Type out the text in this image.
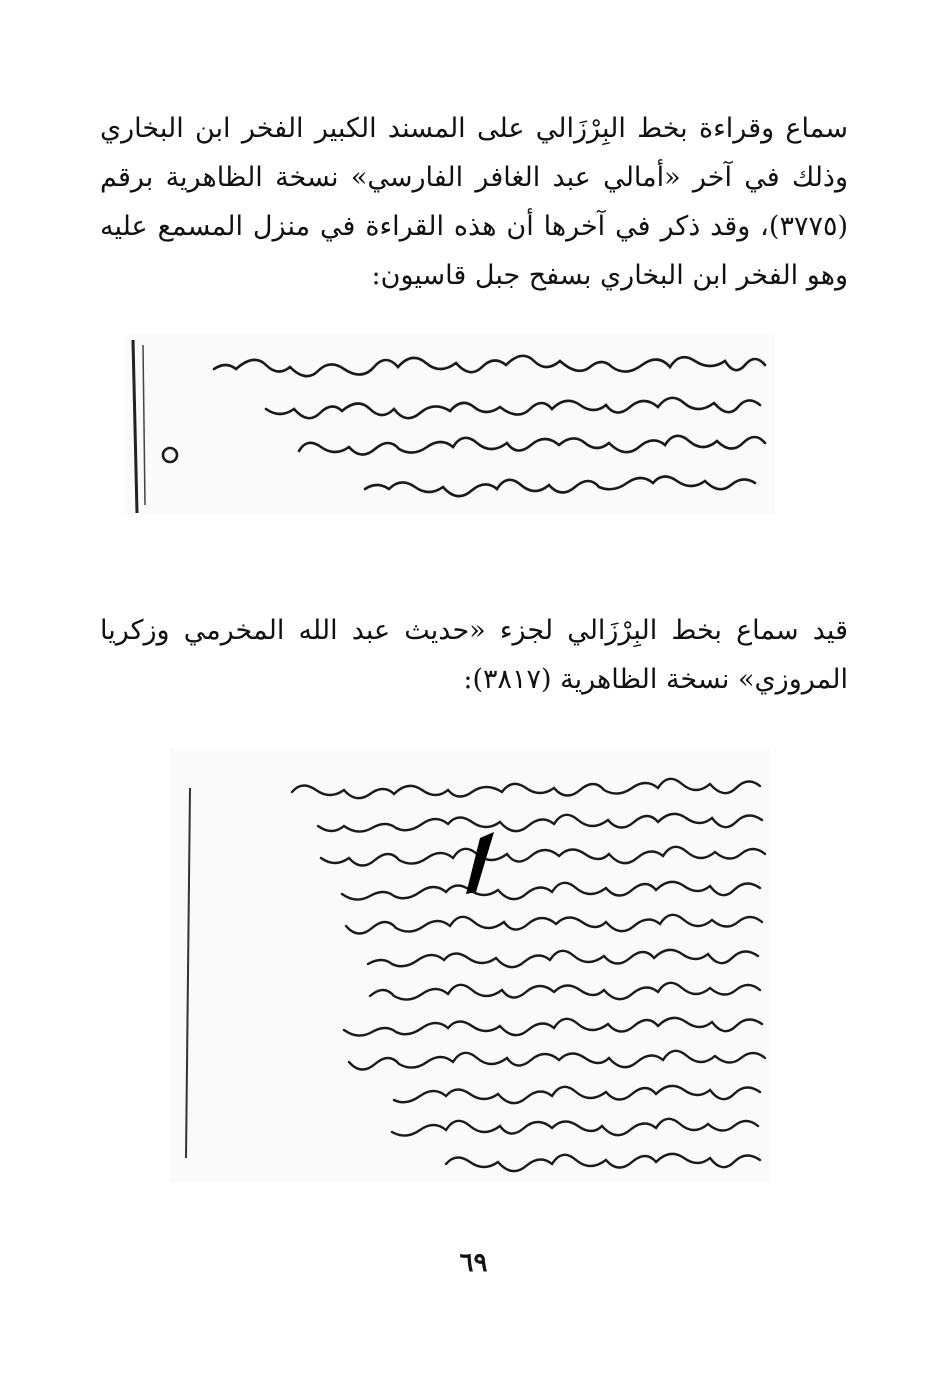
سماع وقراءة بخط البِرْزَالي على المسند الكبير الفخر ابن البخاري
وذلك في آخر «أمالي عبد الغافر الفارسي» نسخة الظاهرية برقم
(٣٧٧٥)، وقد ذكر في آخرها أن هذه القراءة في منزل المسمع عليه
وهو الفخر ابن البخاري بسفح جبل قاسيون:
قيد سماع بخط البِرْزَالي لجزء «حديث عبد الله المخرمي وزكريا
المروزي» نسخة الظاهرية (٣٨١٧):
٦٩
